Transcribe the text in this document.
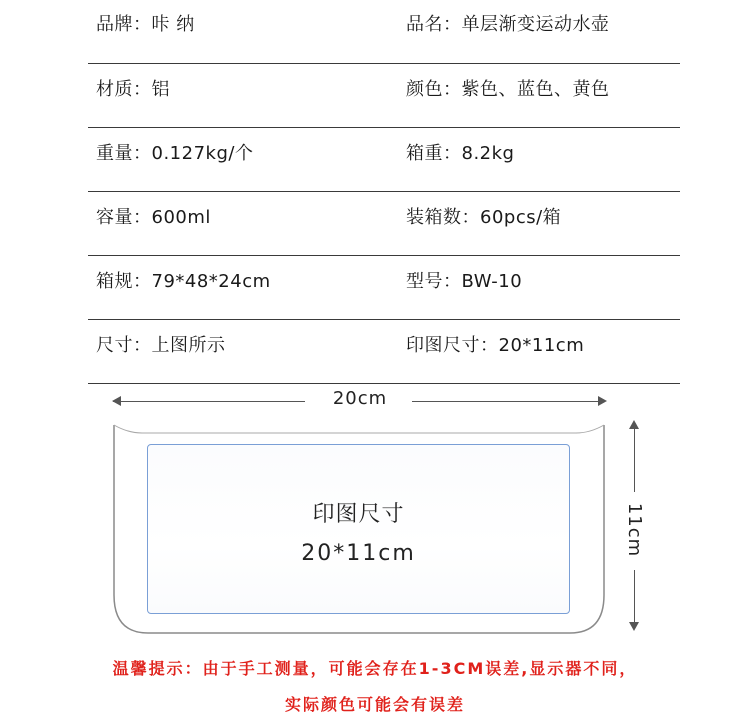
品牌：咔 纳	品名：单层渐变运动水壶
材质：铝	颜色：紫色、蓝色、黄色
重量：0.127kg/个	箱重：8.2kg
容量：600ml	装箱数：60pcs/箱
箱规：79*48*24cm	型号：BW-10
尺寸：上图所示	印图尺寸：20*11cm
20cm
印图尺寸
20*11cm	11cm
温馨提示：由于手工测量，可能会存在1-3CM误差,显示器不同，
实际颜色可能会有误差
